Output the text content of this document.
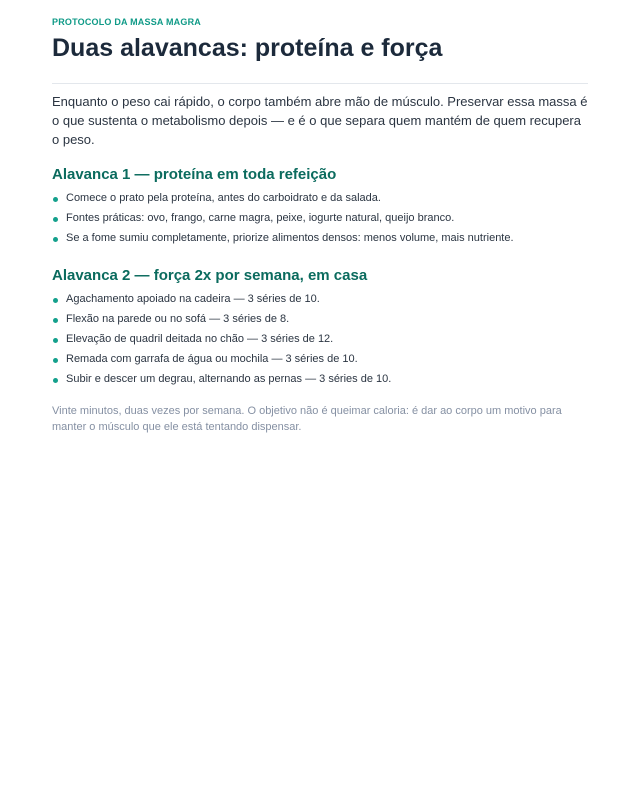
PROTOCOLO DA MASSA MAGRA
Duas alavancas: proteína e força

Enquanto o peso cai rápido, o corpo também abre mão de músculo. Preservar essa massa é o que sustenta o metabolismo depois — e é o que separa quem mantém de quem recupera o peso.

Alavanca 1 — proteína em toda refeição
Comece o prato pela proteína, antes do carboidrato e da salada.
Fontes práticas: ovo, frango, carne magra, peixe, iogurte natural, queijo branco.
Se a fome sumiu completamente, priorize alimentos densos: menos volume, mais nutriente.
Alavanca 2 — força 2x por semana, em casa
Agachamento apoiado na cadeira — 3 séries de 10.
Flexão na parede ou no sofá — 3 séries de 8.
Elevação de quadril deitada no chão — 3 séries de 12.
Remada com garrafa de água ou mochila — 3 séries de 10.
Subir e descer um degrau, alternando as pernas — 3 séries de 10.

Vinte minutos, duas vezes por semana. O objetivo não é queimar caloria: é dar ao corpo um motivo para manter o músculo que ele está tentando dispensar.
